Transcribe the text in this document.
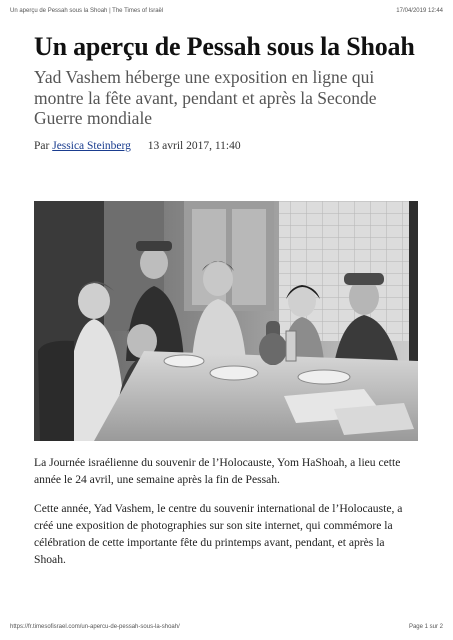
Un aperçu de Pessah sous la Shoah | The Times of Israël	17/04/2019 12:44
Un aperçu de Pessah sous la Shoah

Yad Vashem héberge une exposition en ligne qui montre la fête avant, pendant et après la Seconde Guerre mondiale

Par Jessica Steinberg 13 avril 2017, 11:40

La Journée israélienne du souvenir de l’Holocauste, Yom HaShoah, a lieu cette année le 24 avril, une semaine après la fin de Pessah.

Cette année, Yad Vashem, le centre du souvenir international de l’Holocauste, a créé une exposition de photographies sur son site internet, qui commémore la célébration de cette importante fête du printemps avant, pendant, et après la Shoah.

https://fr.timesofisrael.com/un-apercu-de-pessah-sous-la-shoah/	Page 1 sur 2
